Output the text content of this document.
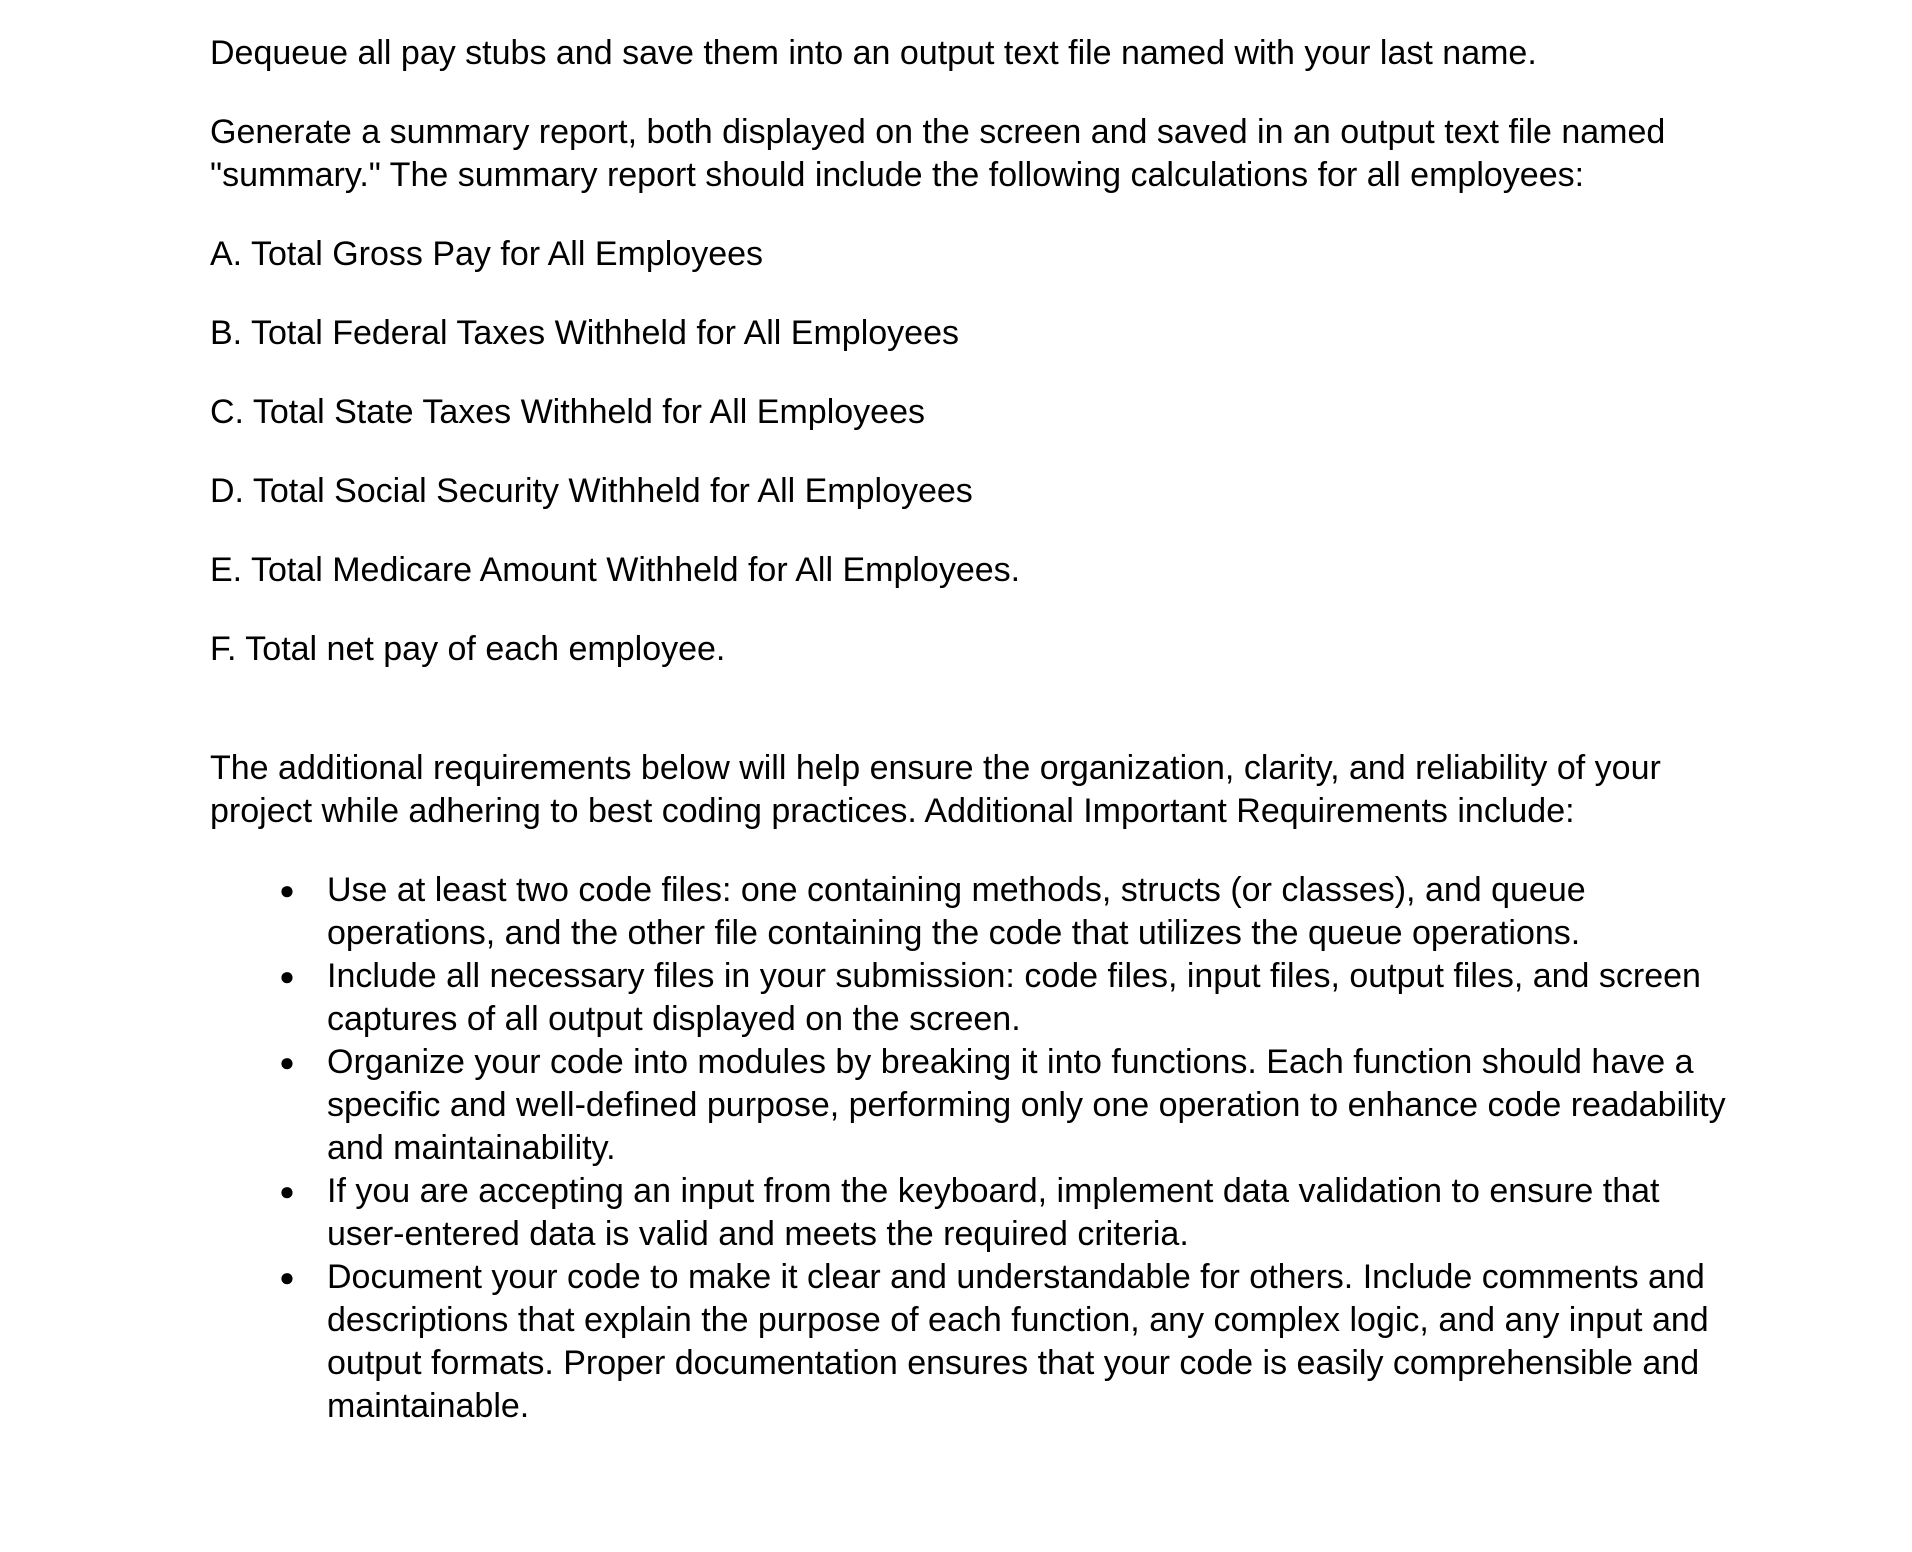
Dequeue all pay stubs and save them into an output text file named with your last name.

Generate a summary report, both displayed on the screen and saved in an output text file named "summary." The summary report should include the following calculations for all employees:

A. Total Gross Pay for All Employees

B. Total Federal Taxes Withheld for All Employees

C. Total State Taxes Withheld for All Employees

D. Total Social Security Withheld for All Employees

E. Total Medicare Amount Withheld for All Employees.

F. Total net pay of each employee.

The additional requirements below will help ensure the organization, clarity, and reliability of your project while adhering to best coding practices. Additional Important Requirements include:

● Use at least two code files: one containing methods, structs (or classes), and queue operations, and the other file containing the code that utilizes the queue operations.
● Include all necessary files in your submission: code files, input files, output files, and screen captures of all output displayed on the screen.
● Organize your code into modules by breaking it into functions. Each function should have a specific and well-defined purpose, performing only one operation to enhance code readability and maintainability.
● If you are accepting an input from the keyboard, implement data validation to ensure that user-entered data is valid and meets the required criteria.
● Document your code to make it clear and understandable for others. Include comments and descriptions that explain the purpose of each function, any complex logic, and any input and output formats. Proper documentation ensures that your code is easily comprehensible and maintainable.
